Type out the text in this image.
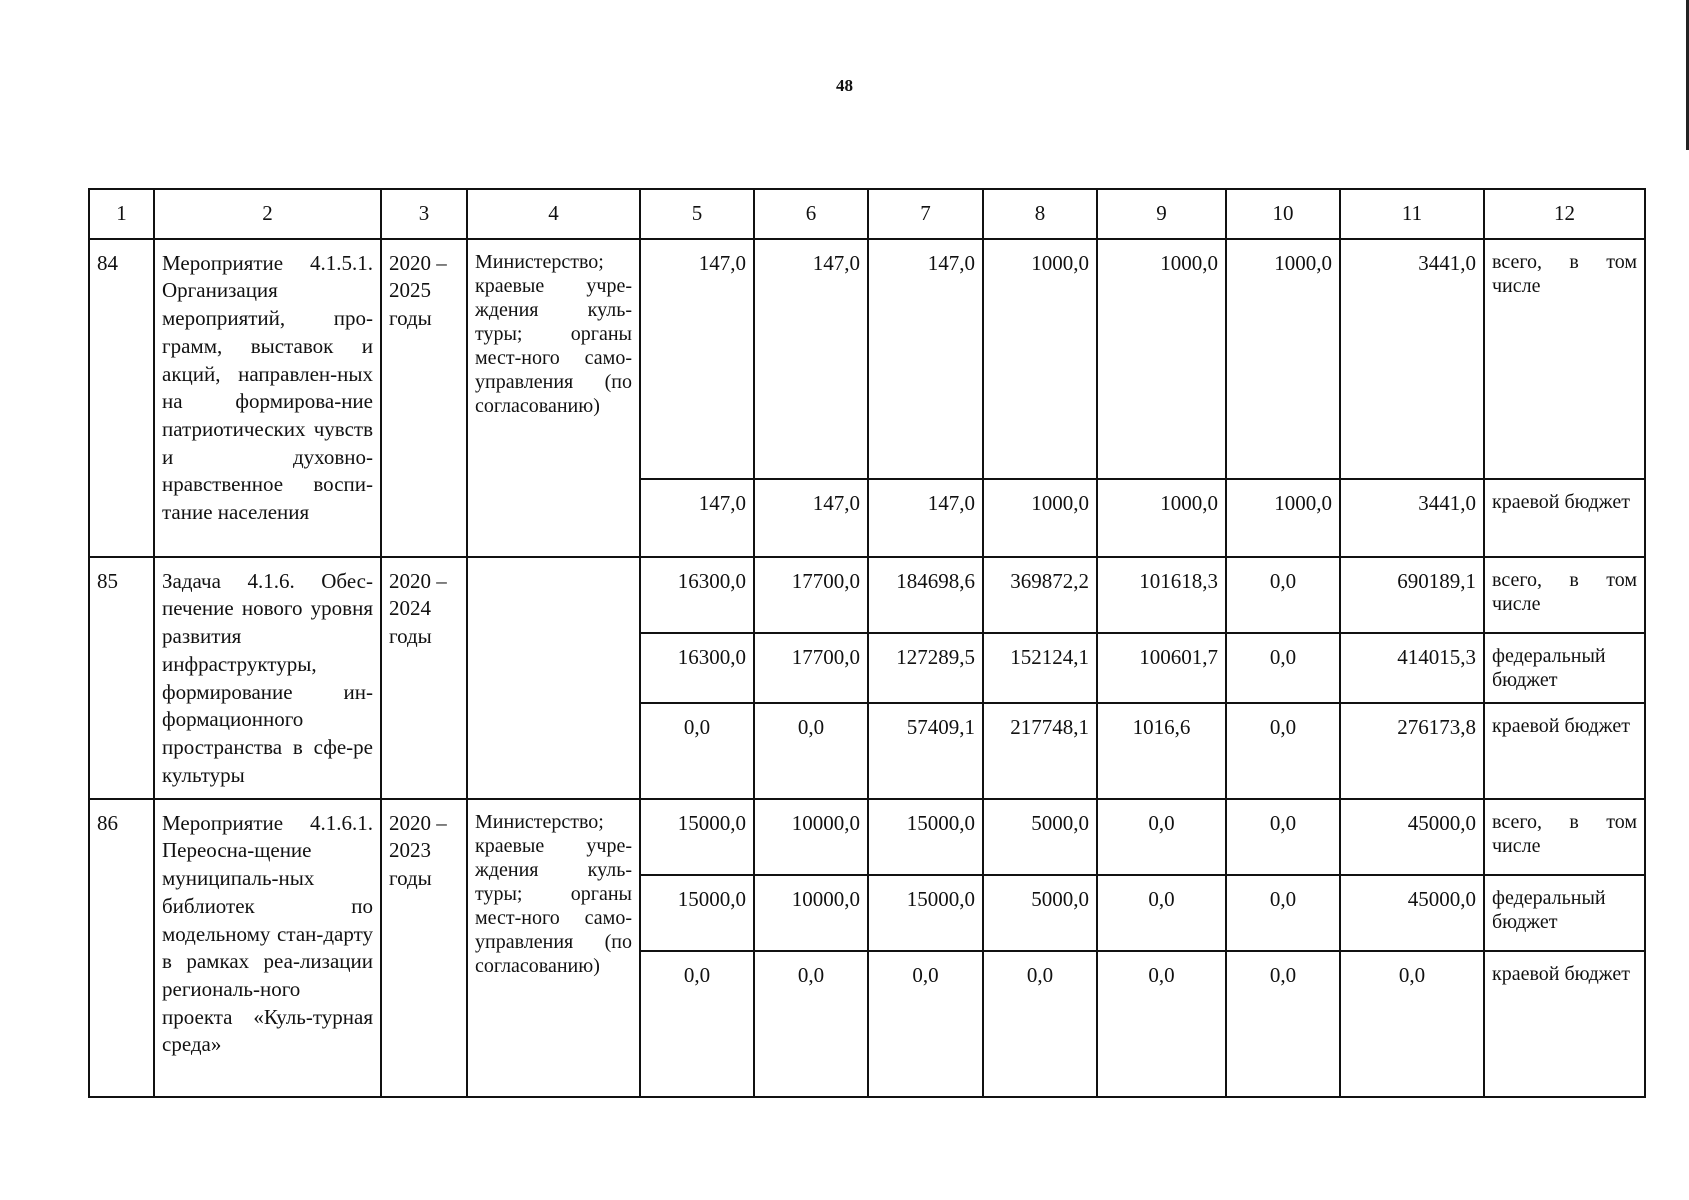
48
1	2	3	4	5	6	7	8	9	10	11	12
84	Мероприятие 4.1.5.1. Организация мероприятий, про-грамм, выставок и акций, направлен-ных на формирова-ние патриотических чувств и духовно-нравственное воспи-тание населения	2020 – 2025 годы	Министерство; краевые учре-ждения куль-туры; органы мест-ного само-управления (по согласованию)	147,0	147,0	147,0	1000,0	1000,0	1000,0	3441,0	всего, в том числе
				147,0	147,0	147,0	1000,0	1000,0	1000,0	3441,0	краевой бюджет
85	Задача 4.1.6. Обес-печение нового уровня развития инфраструктуры, формирование ин-формационного пространства в сфе-ре культуры	2020 – 2024 годы		16300,0	17700,0	184698,6	369872,2	101618,3	0,0	690189,1	всего, в том числе
				16300,0	17700,0	127289,5	152124,1	100601,7	0,0	414015,3	федеральный бюджет
				0,0	0,0	57409,1	217748,1	1016,6	0,0	276173,8	краевой бюджет
86	Мероприятие 4.1.6.1. Переосна-щение муниципаль-ных библиотек по модельному стан-дарту в рамках реа-лизации региональ-ного проекта «Куль-турная среда»	2020 – 2023 годы	Министерство; краевые учре-ждения куль-туры; органы мест-ного само-управления (по согласованию)	15000,0	10000,0	15000,0	5000,0	0,0	0,0	45000,0	всего, в том числе
				15000,0	10000,0	15000,0	5000,0	0,0	0,0	45000,0	федеральный бюджет
				0,0	0,0	0,0	0,0	0,0	0,0	0,0	краевой бюджет
